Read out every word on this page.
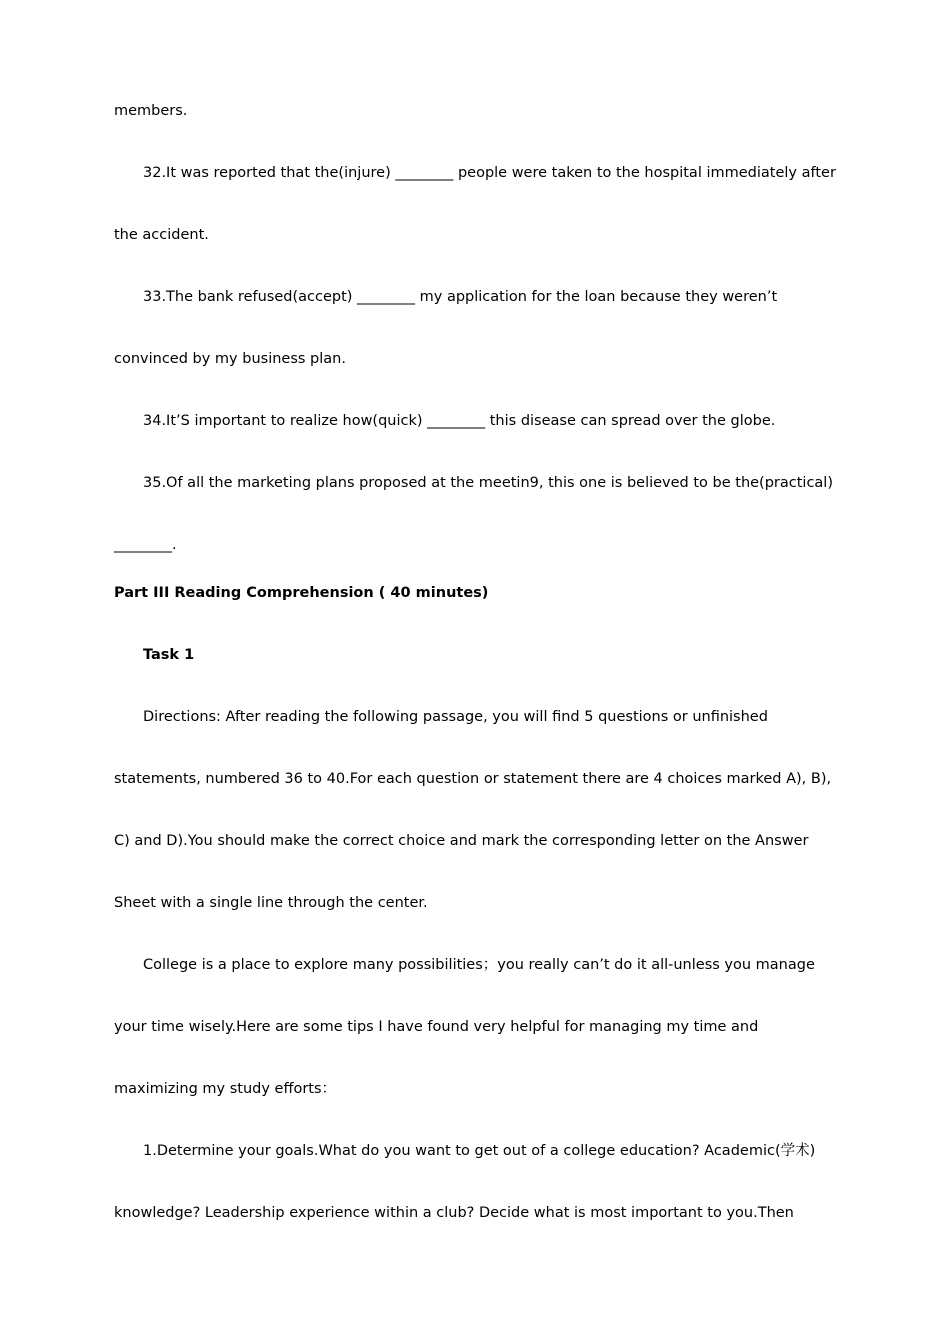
members.
32.It was reported that the(injure) ________ people were taken to the hospital immediately after
the accident.
33.The bank refused(accept) ________ my application for the loan because they weren’t
convinced by my business plan.
34.It’S important to realize how(quick) ________ this disease can spread over the globe.
35.Of all the marketing plans proposed at the meetin9, this one is believed to be the(practical)
________.
Part III Reading Comprehension ( 40 minutes)
Task 1
Directions: After reading the following passage, you will find 5 questions or unfinished
statements, numbered 36 to 40.For each question or statement there are 4 choices marked A), B),
C) and D).You should make the correct choice and mark the corresponding letter on the Answer
Sheet with a single line through the center.
College is a place to explore many possibilities；you really can’t do it all-unless you manage
your time wisely.Here are some tips I have found very helpful for managing my time and
maximizing my study efforts：
1.Determine your goals.What do you want to get out of a college education? Academic(学术)
knowledge? Leadership experience within a club? Decide what is most important to you.Then
